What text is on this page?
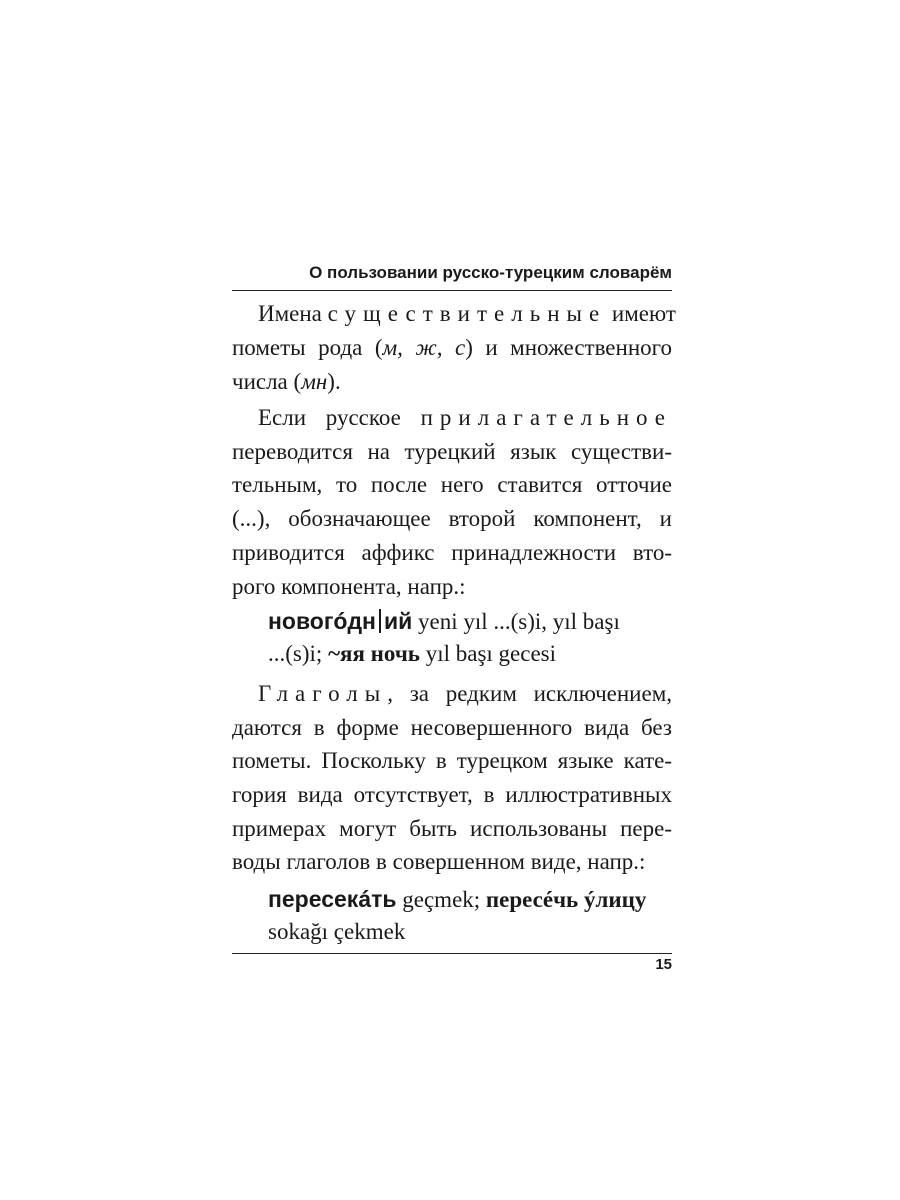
О пользовании русско-турецким словарём
Имена существительные имеют
пометы рода (м, ж, с) и множественного
числа (мн).
Если русское прилагательное
переводится на турецкий язык существи-
тельным, то после него ставится отточие
(...), обозначающее второй компонент, и
приводится аффикс принадлежности вто-
рого компонента, напр.:
новогóдн ий yeni yıl ...(s)i, yıl başı
...(s)i; ~яя ночь yıl başı gecesi
Глаголы, за редким исключением,
даются в форме несовершенного вида без
пометы. Поскольку в турецком языке кате-
гория вида отсутствует, в иллюстративных
примерах могут быть использованы пере-
воды глаголов в совершенном виде, напр.:
пересекáть geçmek; пересéчь ýлицу
sokağı çekmek
15
